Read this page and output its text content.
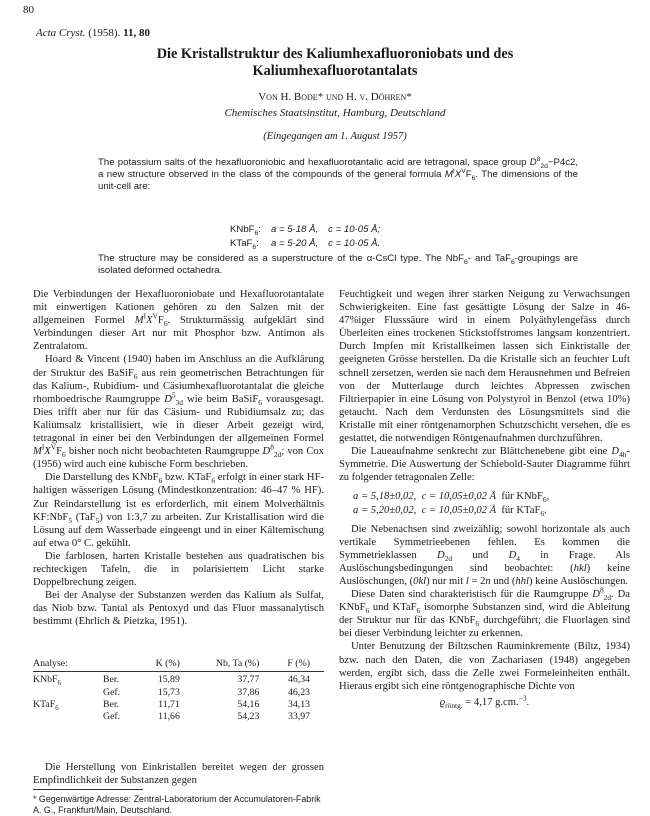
80
Acta Cryst. (1958). 11, 80
Die Kristallstruktur des Kaliumhexafluoroniobats und des
Kaliumhexafluorotantalats
Von H. Bode* und H. v. Döhren*
Chemisches Staatsinstitut, Hamburg, Deutschland
(Eingegangen am 1. August 1957)
The potassium salts of the hexafluoroniobic and hexafluorotantalic acid are tetragonal, space group $D^8_{2d}-P4c2$, a new structure observed in the class of the compounds of the general formula $M^IX^VF_6$. The dimensions of the unit-cell are:
KNbF$_6$:	a = 5·18 Å,	c = 10·05 Å;
KTaF$_6$:	a = 5·20 Å,	c = 10·05 Å.
The structure may be considered as a superstructure of the α-CsCl type. The NbF$_6$- and TaF$_6$-groupings are isolated deformed octahedra.

Die Verbindungen der Hexafluoroniobate und Hexafluorotantalate mit einwertigen Kationen gehören zu den Salzen mit der allgemeinen Formel $M^IX^VF_6$. Strukturmässig aufgeklärt sind Verbindungen dieser Art nur mit Phosphor bzw. Antimon als Zentralatom.

Hoard & Vincent (1940) haben im Anschluss an die Aufklärung der Struktur des BaSiF$_6$ aus rein geometrischen Betrachtungen für das Kalium-, Rubidium- und Cäsiumhexafluorotantalat die gleiche rhomboedrische Raumgruppe $D^5_{3d}$ wie beim BaSiF$_6$ vorausgesagt. Dies trifft aber nur für das Cäsium- und Rubidiumsalz zu; das Kaliumsalz kristallisiert, wie in dieser Arbeit gezeigt wird, tetragonal in einer bei den Verbindungen der allgemeinen Formel $M^IX^VF_6$ bisher noch nicht beobachteten Raumgruppe $D^8_{2d}$; von Cox (1956) wird auch eine kubische Form beschrieben.

Die Darstellung des KNbF$_6$ bzw. KTaF$_6$ erfolgt in einer stark HF-haltigen wässerigen Lösung (Mindestkonzentration: 46–47 % HF). Zur Reindarstellung ist es erforderlich, mit einem Molverhältnis KF:NbF$_5$ (TaF$_5$) von 1:3,7 zu arbeiten. Zur Kristallisation wird die Lösung auf dem Wasserbade eingeengt und in einer Kältemischung auf etwa 0° C. gekühlt.

Die farblosen, harten Kristalle bestehen aus quadratischen bis rechteckigen Tafeln, die in polarisiertem Licht starke Doppelbrechung zeigen.

Bei der Analyse der Substanzen werden das Kalium als Sulfat, das Niob bzw. Tantal als Pentoxyd und das Fluor massanalytisch bestimmt (Ehrlich & Pietzka, 1951).

Analyse:		K (%)	Nb, Ta (%)	F (%)
KNbF$_6$	Ber.	15,89	37,77	46,34
	Gef.	15,73	37,86	46,23
KTaF$_6$	Ber.	11,71	54,16	34,13
	Gef.	11,66	54,23	33,97

Die Herstellung von Einkristallen bereitet wegen der grossen Empfindlichkeit der Substanzen gegen

* Gegenwärtige Adresse: Zentral-Laboratorium der Accumulatoren-Fabrik A. G., Frankfurt/Main, Deutschland.

Feuchtigkeit und wegen ihrer starken Neigung zu Verwachsungen Schwierigkeiten. Eine fast gesättigte Lösung der Salze in 46-47%iger Flusssäure wird in einem Polyäthylengefäss durch Überleiten eines trockenen Stickstoffstromes langsam konzentriert. Durch Impfen mit Kristallkeimen lassen sich Einkristalle der geeigneten Grösse herstellen. Da die Kristalle sich an feuchter Luft schnell zersetzen, werden sie nach dem Herausnehmen und Befreien von der Mutterlauge durch leichtes Abpressen zwischen Filtrierpapier in eine Lösung von Polystyrol in Benzol (etwa 10%) getaucht. Nach dem Verdunsten des Lösungsmittels sind die Kristalle mit einer röntgenamorphen Schutzschicht versehen, die es gestattet, die notwendigen Röntgenaufnahmen durchzuführen.

Die Laueaufnahme senkrecht zur Blättchenebene gibt eine $D_{4h}$-Symmetrie. Die Auswertung der Schiebold-Sauter Diagramme führt zu folgender tetragonalen Zelle:

a = 5,18±0,02, c = 10,05±0,02 Å für KNbF$_6$,
a = 5,20±0,02, c = 10,05±0,02 Å für KTaF$_6$.

Die Nebenachsen sind zweizählig; sowohl horizontale als auch vertikale Symmetrieebenen fehlen. Es kommen die Symmetrieklassen $D_{2d}$ und $D_4$ in Frage. Als Auslöschungsbedingungen sind beobachtet: (hkl) keine Auslöschungen, (0kl) nur mit l = 2n und (hhl) keine Auslöschungen.

Diese Daten sind charakteristisch für die Raumgruppe $D^8_{2d}$. Da KNbF$_6$ und KTaF$_6$ isomorphe Substanzen sind, wird die Ableitung der Struktur nur für das KNbF$_6$ durchgeführt; die Fluorlagen sind bei dieser Verbindung leichter zu erkennen.

Unter Benutzung der Biltzschen Rauminkremente (Biltz, 1934) bzw. nach den Daten, die von Zachariasen (1948) angegeben werden, ergibt sich, dass die Zelle zwei Formeleinheiten enthält. Hieraus ergibt sich eine röntgenographische Dichte von

$ϱ_{röntg.} = 4,17$ g.cm.$^{-3}$.
